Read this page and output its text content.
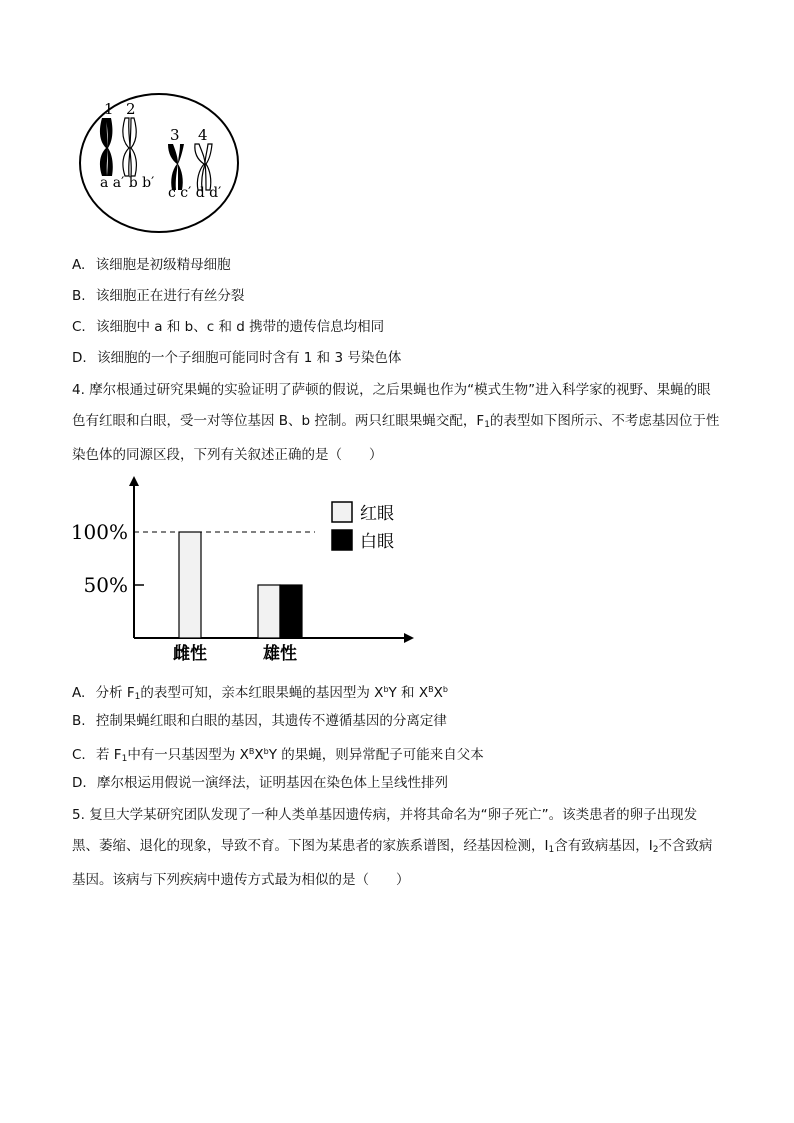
1 2
3 4
a a′ b b′
c c′ d d′
A. 该细胞是初级精母细胞
B. 该细胞正在进行有丝分裂
C. 该细胞中 a 和 b、c 和 d 携带的遗传信息均相同
D. 该细胞的一个子细胞可能同时含有 1 和 3 号染色体
4. 摩尔根通过研究果蝇的实验证明了萨顿的假说，之后果蝇也作为“模式生物”进入科学家的视野、果蝇的眼色有红眼和白眼，受一对等位基因 B、b 控制。两只红眼果蝇交配，$F_1$的表型如下图所示、不考虑基因位于性染色体的同源区段，下列有关叙述正确的是（　　）
100%
50%
雌性	雄性
红眼
白眼
A. 分析 $F_1$的表型可知，亲本红眼果蝇的基因型为 $X^bY$ 和 $X^BX^b$
B. 控制果蝇红眼和白眼的基因，其遗传不遵循基因的分离定律
C. 若 $F_1$中有一只基因型为 $X^BX^bY$ 的果蝇，则异常配子可能来自父本
D. 摩尔根运用假说一演绎法，证明基因在染色体上呈线性排列
5. 复旦大学某研究团队发现了一种人类单基因遗传病，并将其命名为“卵子死亡”。该类患者的卵子出现发黑、萎缩、退化的现象，导致不育。下图为某患者的家族系谱图，经基因检测，$I_1$含有致病基因，$I_2$不含致病基因。该病与下列疾病中遗传方式最为相似的是（　　）
